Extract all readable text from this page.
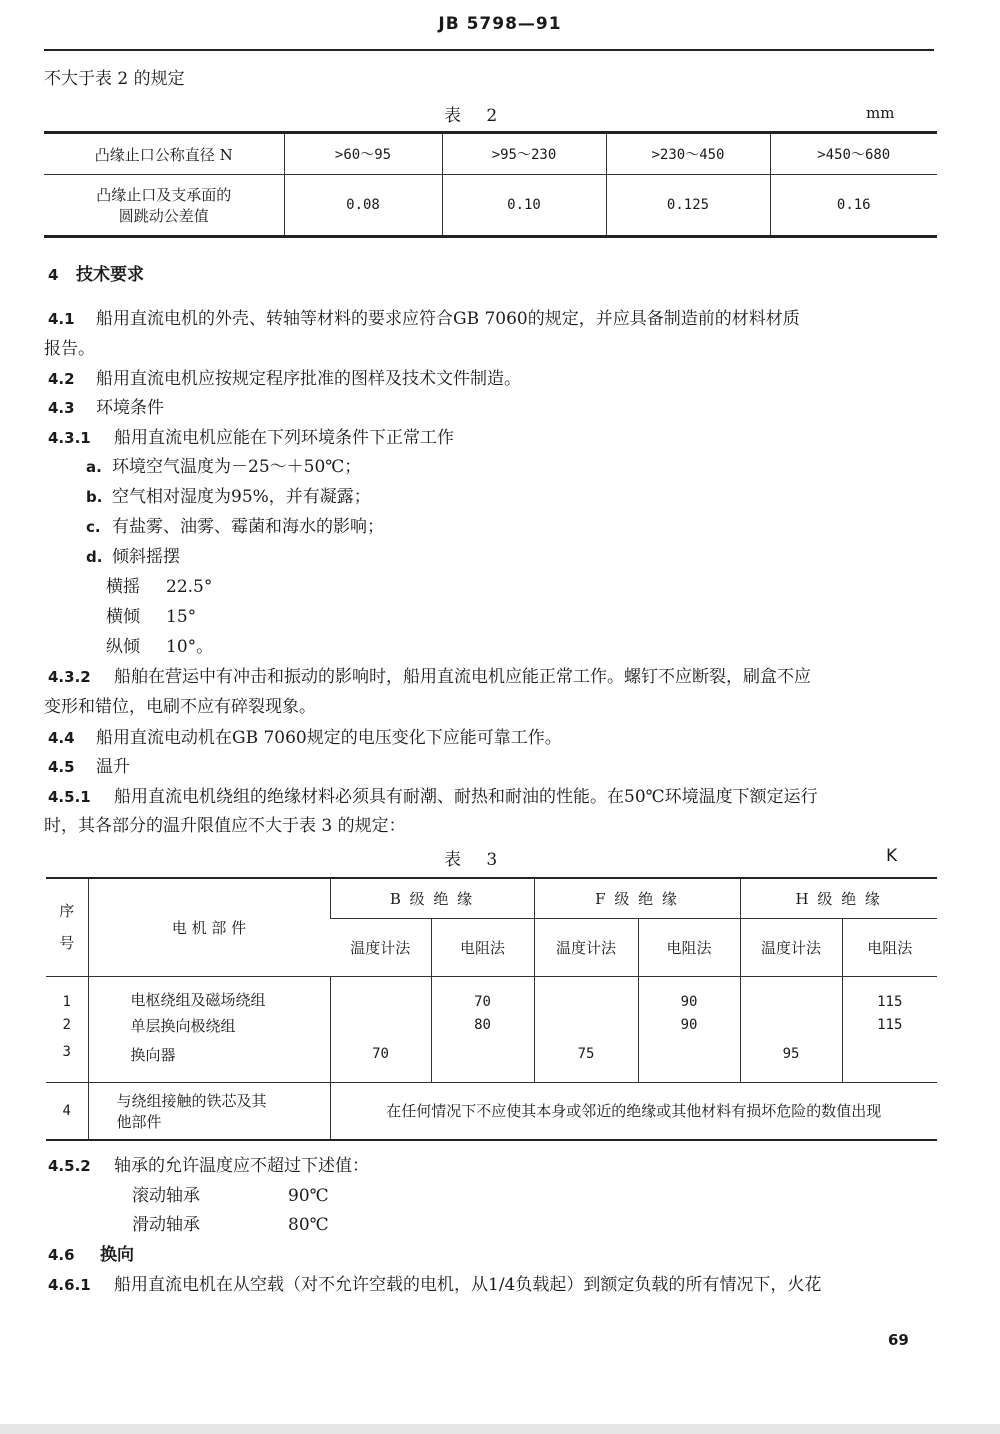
JB 5798—91
不大于表 2 的规定
表 2	mm
凸缘止口公称直径 N	>60～95	>95～230	>230～450	>450～680

凸缘止口及支承面的
圆跳动公差值	0.08	0.10	0.125	0.16
4 技术要求
4.1 船用直流电机的外壳、转轴等材料的要求应符合GB 7060的规定，并应具备制造前的材料材质
报告。
4.2 船用直流电机应按规定程序批准的图样及技术文件制造。
4.3 环境条件
4.3.1 船用直流电机应能在下列环境条件下正常工作
a. 环境空气温度为－25～＋50℃；
b. 空气相对湿度为95%，并有凝露；
c. 有盐雾、油雾、霉菌和海水的影响；
d. 倾斜摇摆
横摇 22.5°
横倾 15°
纵倾 10°。
4.3.2 船舶在营运中有冲击和振动的影响时，船用直流电机应能正常工作。螺钉不应断裂，刷盒不应
变形和错位，电刷不应有碎裂现象。
4.4 船用直流电动机在GB 7060规定的电压变化下应能可靠工作。
4.5 温升
4.5.1 船用直流电机绕组的绝缘材料必须具有耐潮、耐热和耐油的性能。在50℃环境温度下额定运行
时，其各部分的温升限值应不大于表 3 的规定：
表 3	K
序号	电 机 部 件	B 级 绝 缘		F 级 绝 缘		H 级 绝 缘	
		温度计法	电阻法	温度计法	电阻法	温度计法	电阻法
1	电枢绕组及磁场绕组		70		90		115
2	单层换向极绕组		80		90		115
3	换向器	70		75		95	
4	与绕组接触的铁芯及其
他部件	在任何情况下不应使其本身或邻近的绝缘或其他材料有损坏危险的数值出现					
4.5.2 轴承的允许温度应不超过下述值：
滚动轴承	90℃
滑动轴承	80℃
4.6 换向
4.6.1 船用直流电机在从空载（对不允许空载的电机，从1/4负载起）到额定负载的所有情况下，火花
69
